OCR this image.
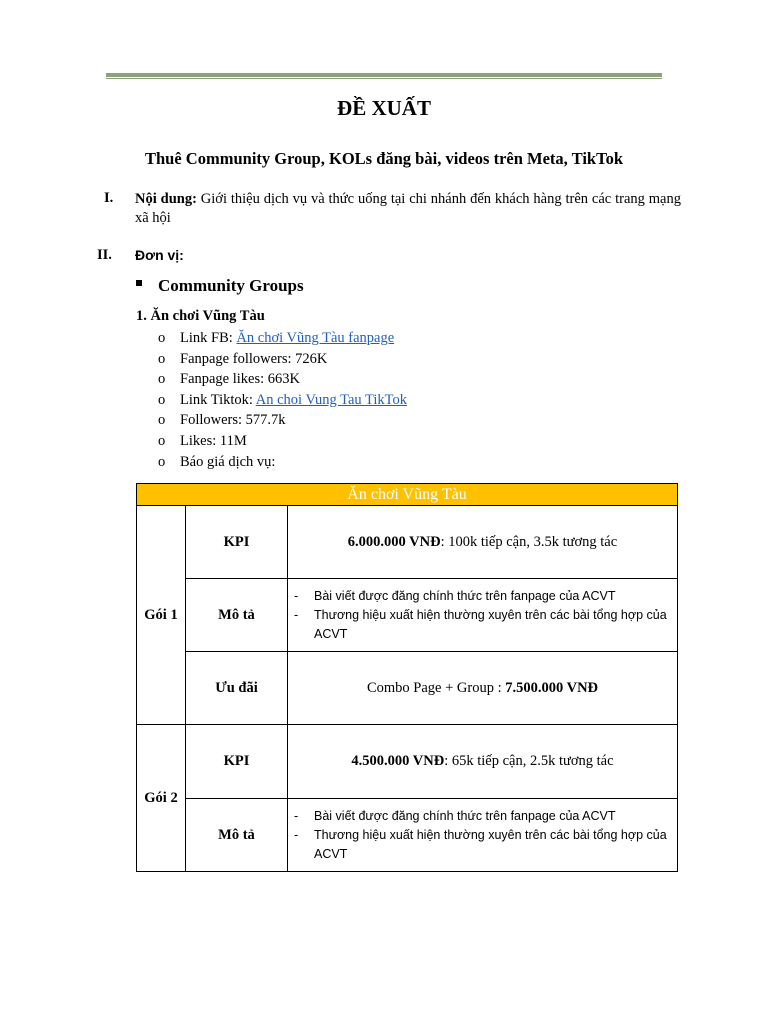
ĐỀ XUẤT
Thuê Community Group, KOLs đăng bài, videos trên Meta, TikTok
I. Nội dung: Giới thiệu dịch vụ và thức uống tại chi nhánh đến khách hàng trên các trang mạng xã hội
II. Đơn vị:
Community Groups
1. Ăn chơi Vũng Tàu
o Link FB: Ăn chơi Vũng Tàu fanpage
o Fanpage followers: 726K
o Fanpage likes: 663K
o Link Tiktok: An choi Vung Tau TikTok
o Followers: 577.7k
o Likes: 11M
o Báo giá dịch vụ:
Ăn chơi Vũng Tàu		
Gói 1	KPI	6.000.000 VNĐ: 100k tiếp cận, 3.5k tương tác
	Mô tả	- Bài viết được đăng chính thức trên fanpage của ACVT
- Thương hiệu xuất hiện thường xuyên trên các bài tổng hợp của ACVT

	Ưu đãi	Combo Page + Group : 7.500.000 VNĐ
Gói 2	KPI	4.500.000 VNĐ: 65k tiếp cận, 2.5k tương tác
	Mô tả	- Bài viết được đăng chính thức trên fanpage của ACVT
- Thương hiệu xuất hiện thường xuyên trên các bài tổng hợp của ACVT
